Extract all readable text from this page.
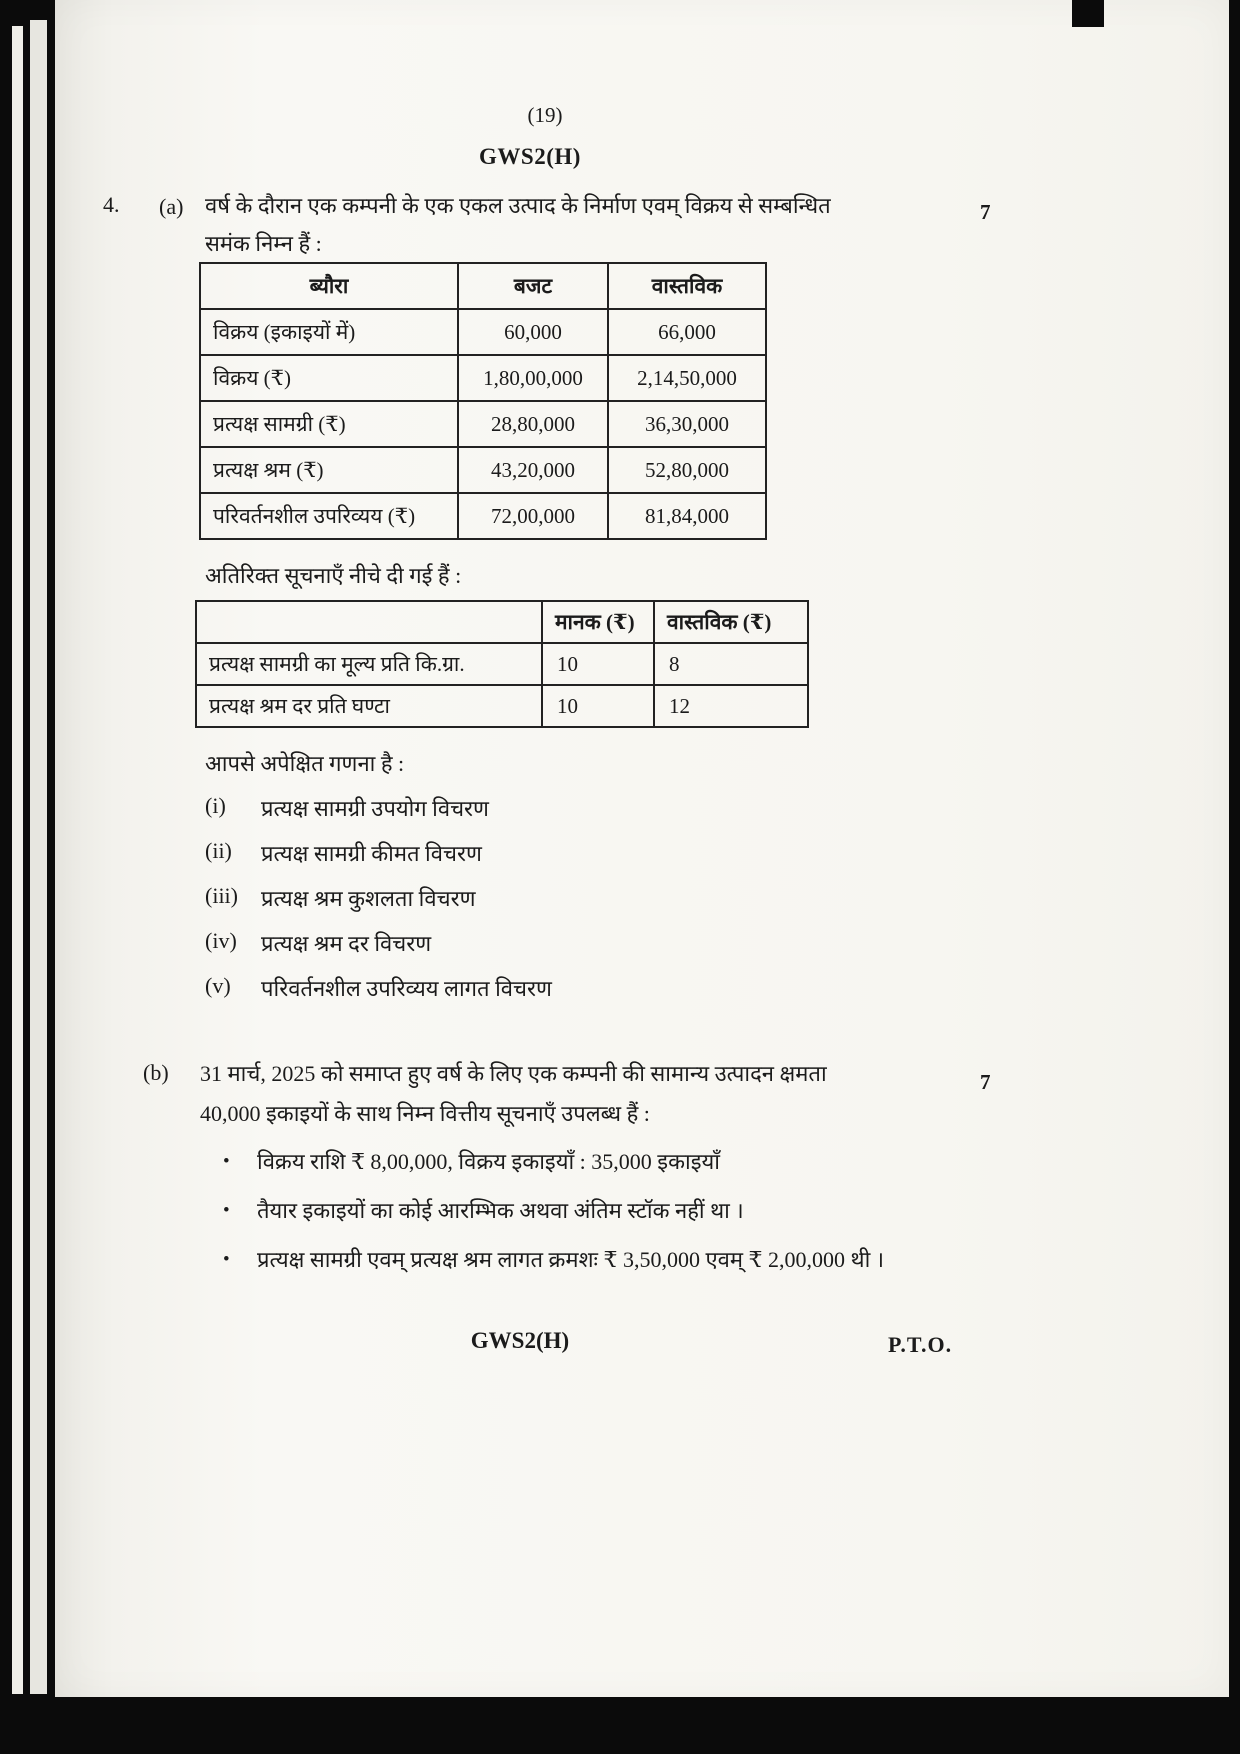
(19)
GWS2(H)
4. (a) वर्ष के दौरान एक कम्पनी के एक एकल उत्पाद के निर्माण एवम् विक्रय से सम्बन्धित
समंक निम्न हैं :
7
ब्यौरा	बजट	वास्तविक
विक्रय (इकाइयों में)	60,000	66,000
विक्रय (₹)	1,80,00,000	2,14,50,000
प्रत्यक्ष सामग्री (₹)	28,80,000	36,30,000
प्रत्यक्ष श्रम (₹)	43,20,000	52,80,000
परिवर्तनशील उपरिव्यय (₹)	72,00,000	81,84,000
अतिरिक्त सूचनाएँ नीचे दी गई हैं :
	मानक (₹)	वास्तविक (₹)
प्रत्यक्ष सामग्री का मूल्य प्रति कि.ग्रा.	10	8
प्रत्यक्ष श्रम दर प्रति घण्टा	10	12
आपसे अपेक्षित गणना है :
(i)	प्रत्यक्ष सामग्री उपयोग विचरण
(ii)	प्रत्यक्ष सामग्री कीमत विचरण
(iii)	प्रत्यक्ष श्रम कुशलता विचरण
(iv)	प्रत्यक्ष श्रम दर विचरण
(v)	परिवर्तनशील उपरिव्यय लागत विचरण
(b) 31 मार्च, 2025 को समाप्त हुए वर्ष के लिए एक कम्पनी की सामान्य उत्पादन क्षमता
40,000 इकाइयों के साथ निम्न वित्तीय सूचनाएँ उपलब्ध हैं :
7
•	विक्रय राशि ₹ 8,00,000, विक्रय इकाइयाँ : 35,000 इकाइयाँ
•	तैयार इकाइयों का कोई आरम्भिक अथवा अंतिम स्टॉक नहीं था ।
•	प्रत्यक्ष सामग्री एवम् प्रत्यक्ष श्रम लागत क्रमशः ₹ 3,50,000 एवम् ₹ 2,00,000 थी ।
GWS2(H)	P.T.O.
